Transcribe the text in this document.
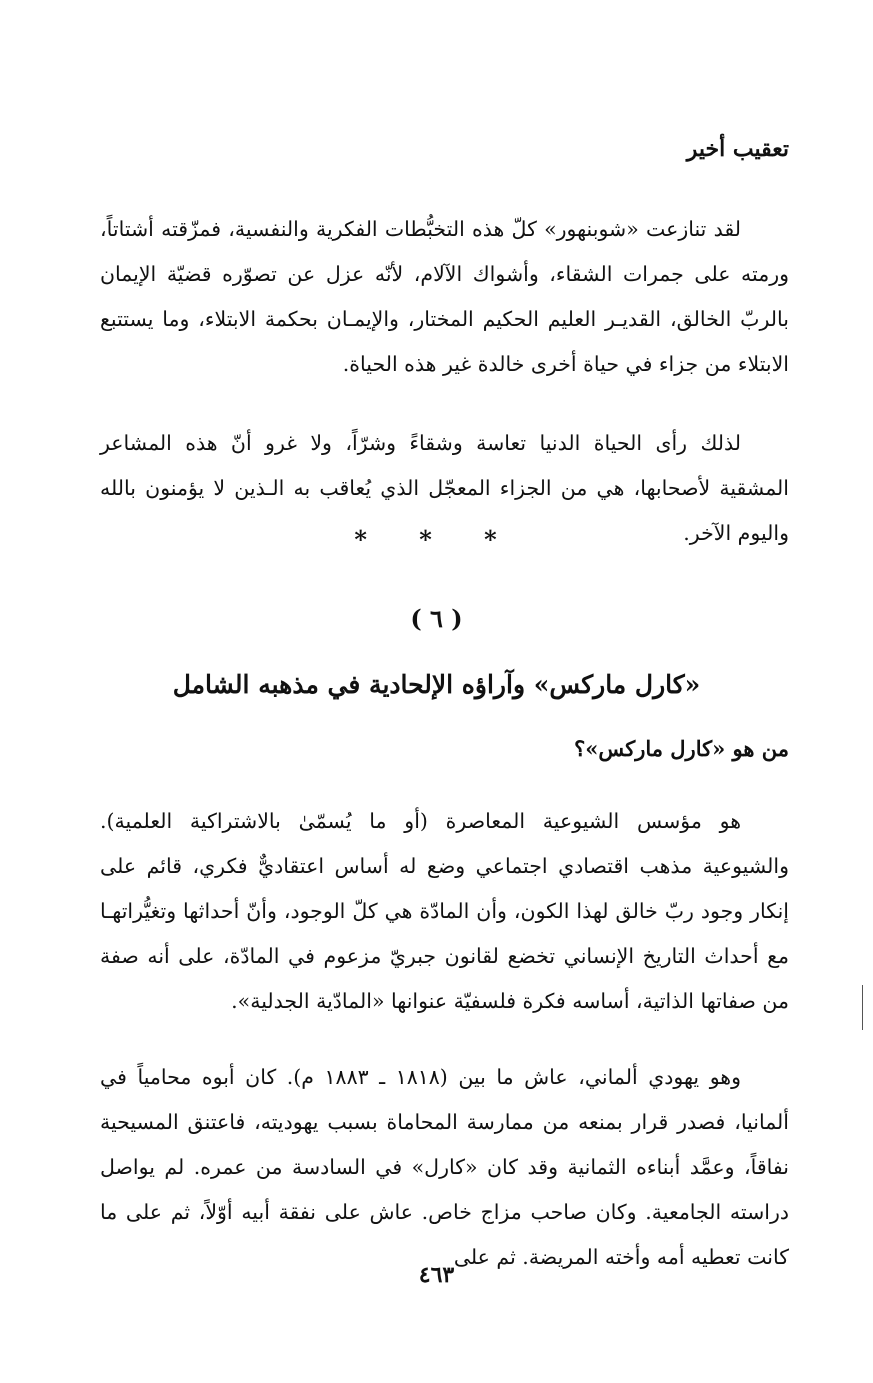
تعقيب أخير

لقد تنازعت «شوبنهور» كلّ هذه التخبُّطات الفكرية والنفسية، فمزّقته أشتاتاً، ورمته على جمرات الشقاء، وأشواك الآلام، لأنّه عزل عن تصوّره قضيّة الإيمان بالربّ الخالق، القديـر العليم الحكيم المختار، والإيمـان بحكمة الابتلاء، وما يستتبع الابتلاء من جزاء في حياة أخرى خالدة غير هذه الحياة.

لذلك رأى الحياة الدنيا تعاسة وشقاءً وشرّاً، ولا غرو أنّ هذه المشاعر المشقية لأصحابها، هي من الجزاء المعجّل الذي يُعاقب به الـذين لا يؤمنون بالله واليوم الآخر.

* * *
( ٦ )
«كارل ماركس» وآراؤه الإلحادية في مذهبه الشامل
من هو «كارل ماركس»؟

هو مؤسس الشيوعية المعاصرة (أو ما يُسمّىٰ بالاشتراكية العلمية). والشيوعية مذهب اقتصادي اجتماعي وضع له أساس اعتقاديٌّ فكري، قائم على إنكار وجود ربّ خالق لهذا الكون، وأن المادّة هي كلّ الوجود، وأنّ أحداثها وتغيُّراتهـا مع أحداث التاريخ الإنساني تخضع لقانون جبريّ مزعوم في المادّة، على أنه صفة من صفاتها الذاتية، أساسه فكرة فلسفيّة عنوانها «المادّية الجدلية».

وهو يهودي ألماني، عاش ما بين (١٨١٨ ـ ١٨٨٣ م). كان أبوه محامياً في ألمانيا، فصدر قرار بمنعه من ممارسة المحاماة بسبب يهوديته، فاعتنق المسيحية نفاقاً، وعمَّد أبناءه الثمانية وقد كان «كارل» في السادسة من عمره. لم يواصل دراسته الجامعية. وكان صاحب مزاج خاص. عاش على نفقة أبيه أوّلاً، ثم على ما كانت تعطيه أمه وأخته المريضة. ثم على

٤٦٣
